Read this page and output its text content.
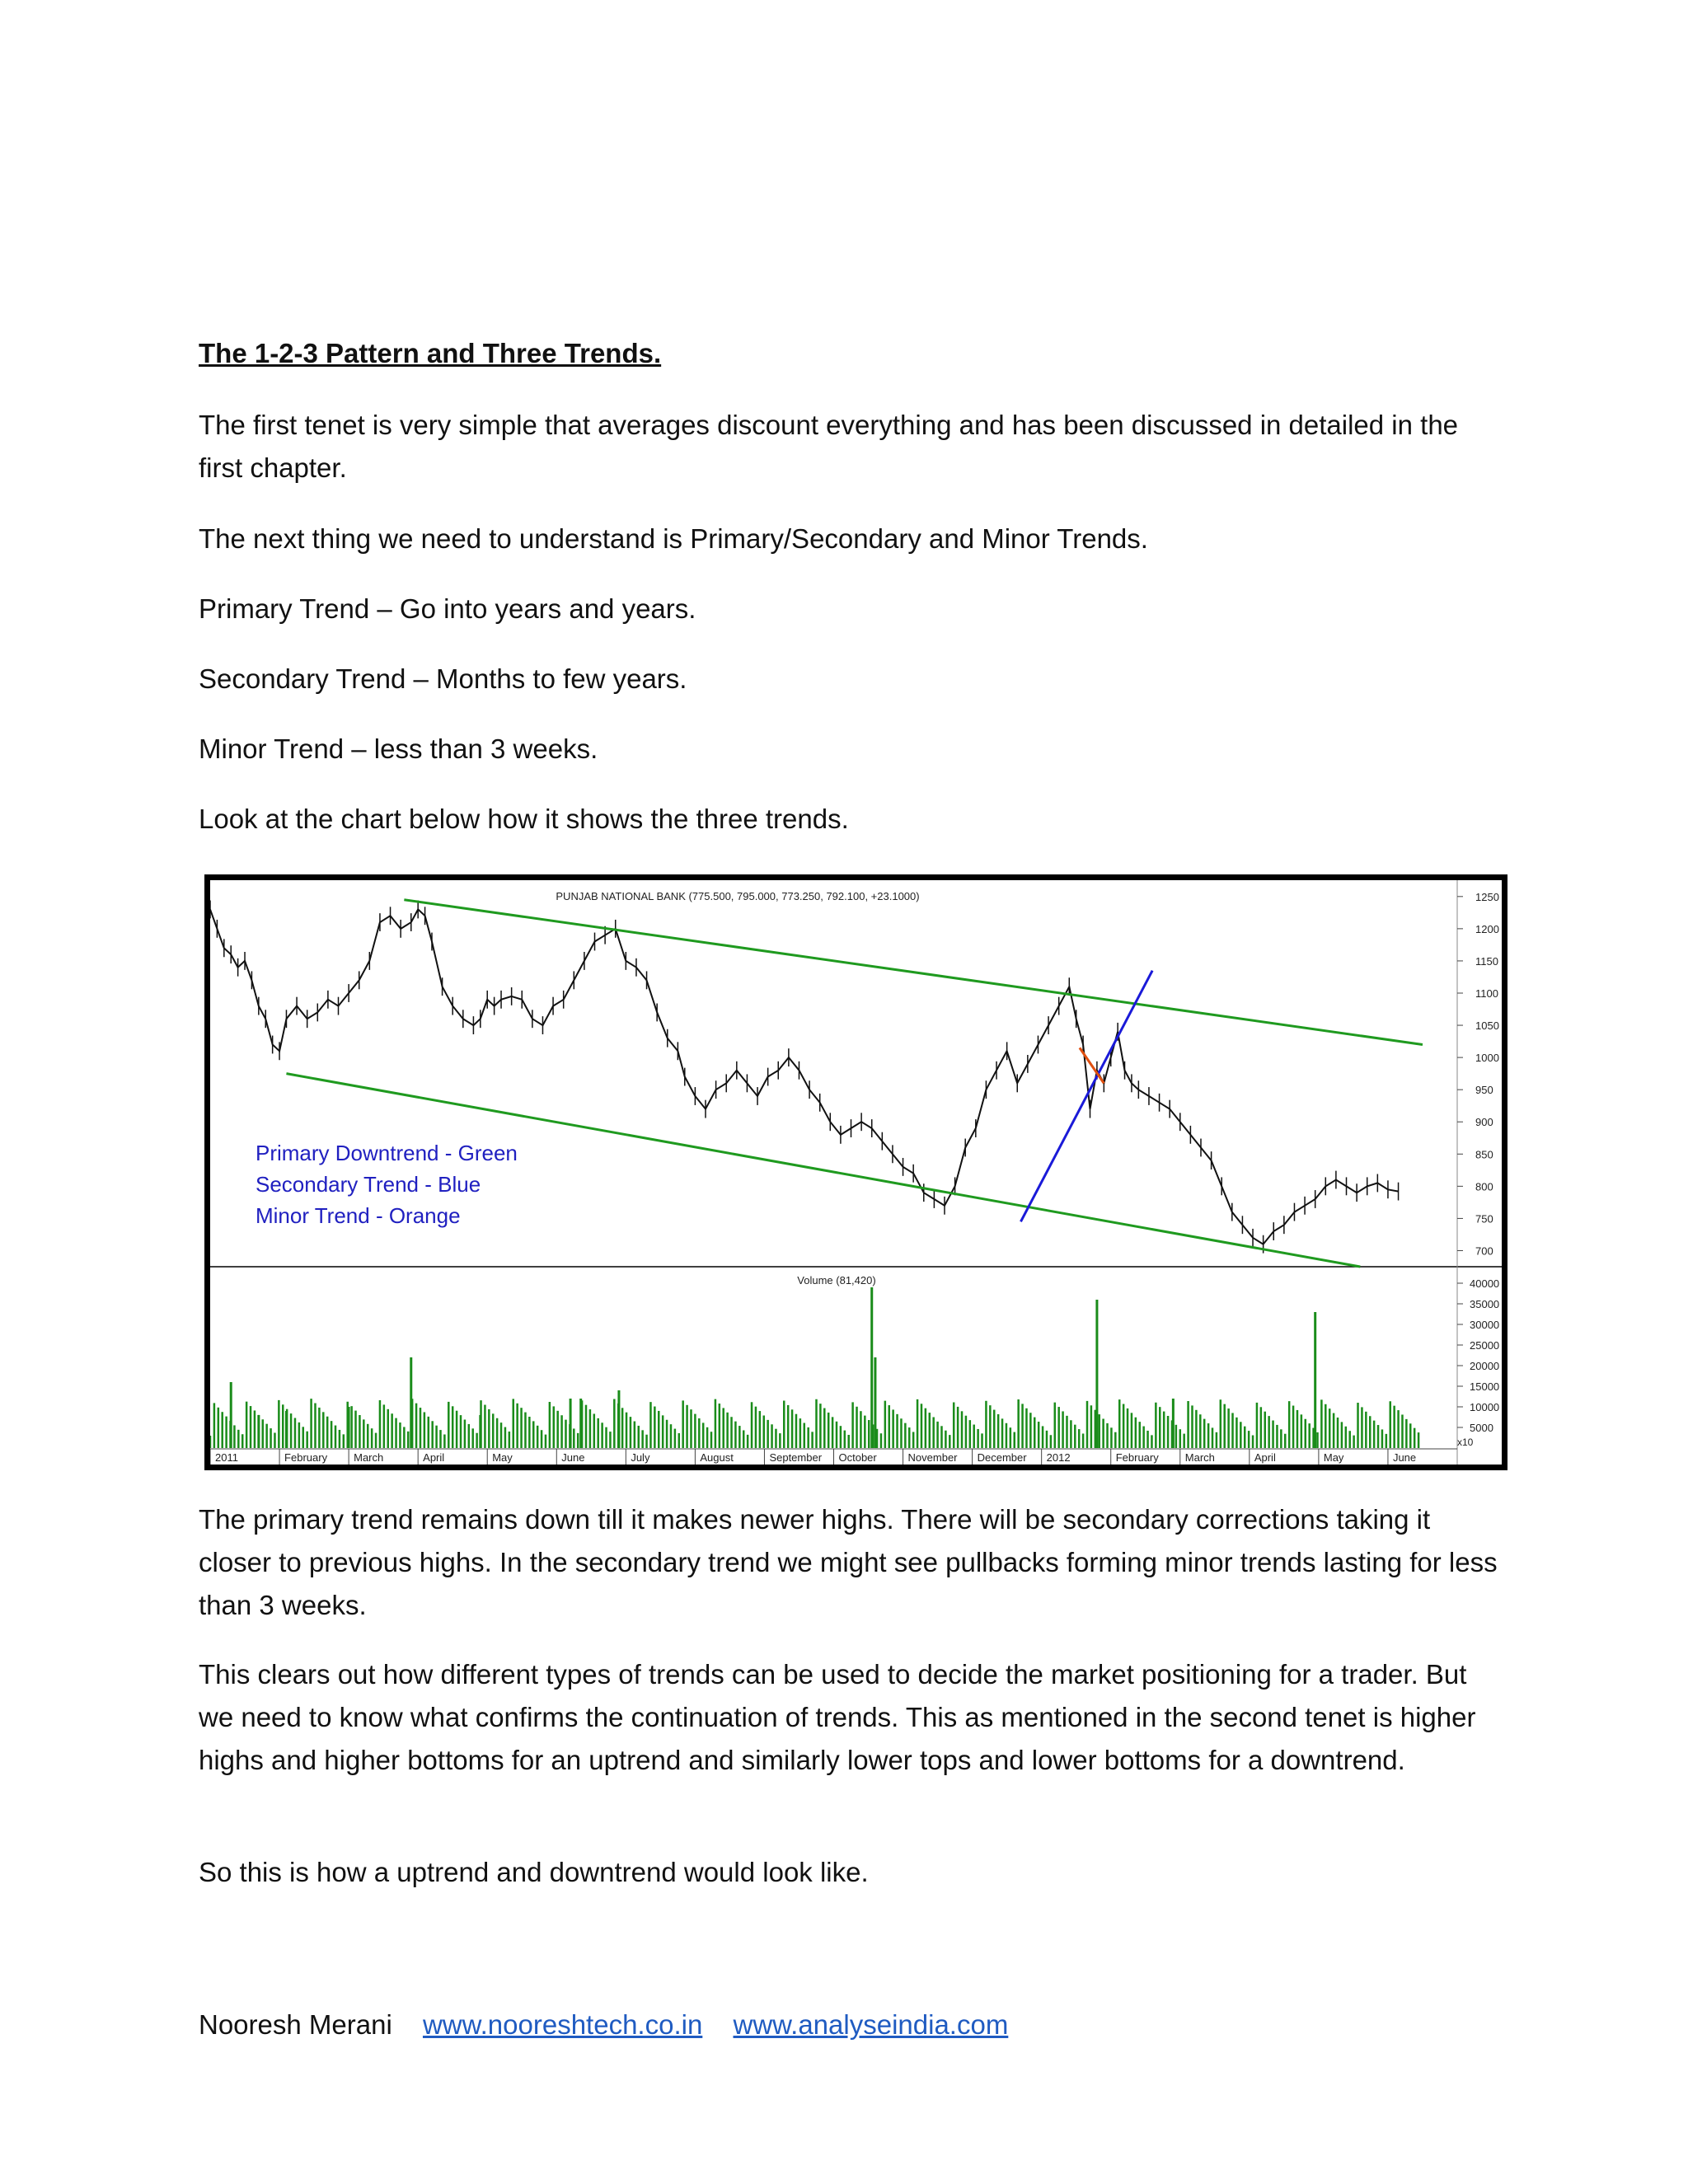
The 1-2-3 Pattern and Three Trends.

The first tenet is very simple that averages discount everything and has been discussed in detailed in the first chapter.

The next thing we need to understand is Primary/Secondary and Minor Trends.

Primary Trend – Go into years and years.

Secondary Trend – Months to few years.

Minor Trend – less than 3 weeks.

Look at the chart below how it shows the three trends.

The primary trend remains down till it makes newer highs. There will be secondary corrections taking it closer to previous highs. In the secondary trend we might see pullbacks forming minor trends lasting for less than 3 weeks.

This clears out how different types of trends can be used to decide the market positioning for a trader. But we need to know what confirms the continuation of trends. This as mentioned in the second tenet is higher highs and higher bottoms for an uptrend and similarly lower tops and lower bottoms for a downtrend.

So this is how a uptrend and downtrend would look like.

PUNJAB NATIONAL BANK (775.500, 795.000, 773.250, 792.100, +23.1000)
Volume (81,420)
1250
1200
1150
1100
1050
1000
950
900
850
800
750
700
40000
35000
30000
25000
20000
15000
10000
5000
x10
2011	February March	April	May	June	July	August	September October	November December 2012	February March	April	May	June
Primary Downtrend - Green
Secondary Trend - Blue
Minor Trend - Orange
Nooresh Merani www.nooreshtech.co.in www.analyseindia.com
